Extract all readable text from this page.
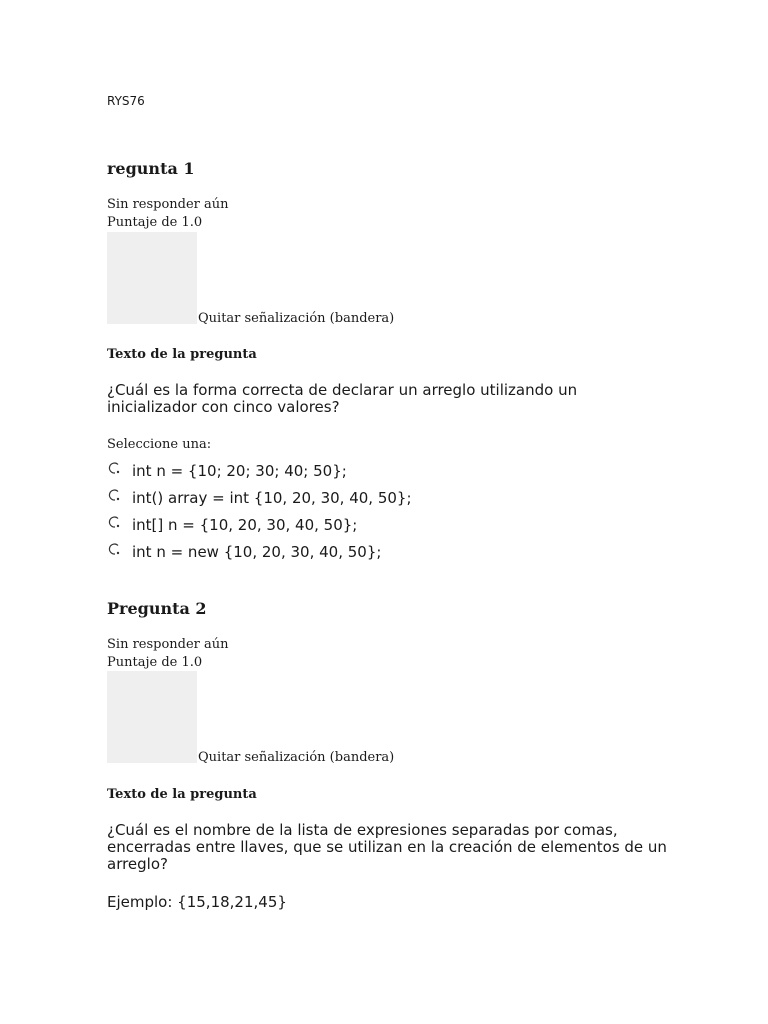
RYS76
regunta 1
Sin responder aún
Puntaje de 1.0
Quitar señalización (bandera)
Texto de la pregunta
¿Cuál es la forma correcta de declarar un arreglo utilizando un inicializador con cinco valores?
Seleccione una:
int n = {10; 20; 30; 40; 50};
int() array = int {10, 20, 30, 40, 50};
int[] n = {10, 20, 30, 40, 50};
int n = new {10, 20, 30, 40, 50};
Pregunta 2
Sin responder aún
Puntaje de 1.0
Quitar señalización (bandera)
Texto de la pregunta
¿Cuál es el nombre de la lista de expresiones separadas por comas, encerradas entre llaves, que se utilizan en la creación de elementos de un arreglo?
Ejemplo: {15,18,21,45}
